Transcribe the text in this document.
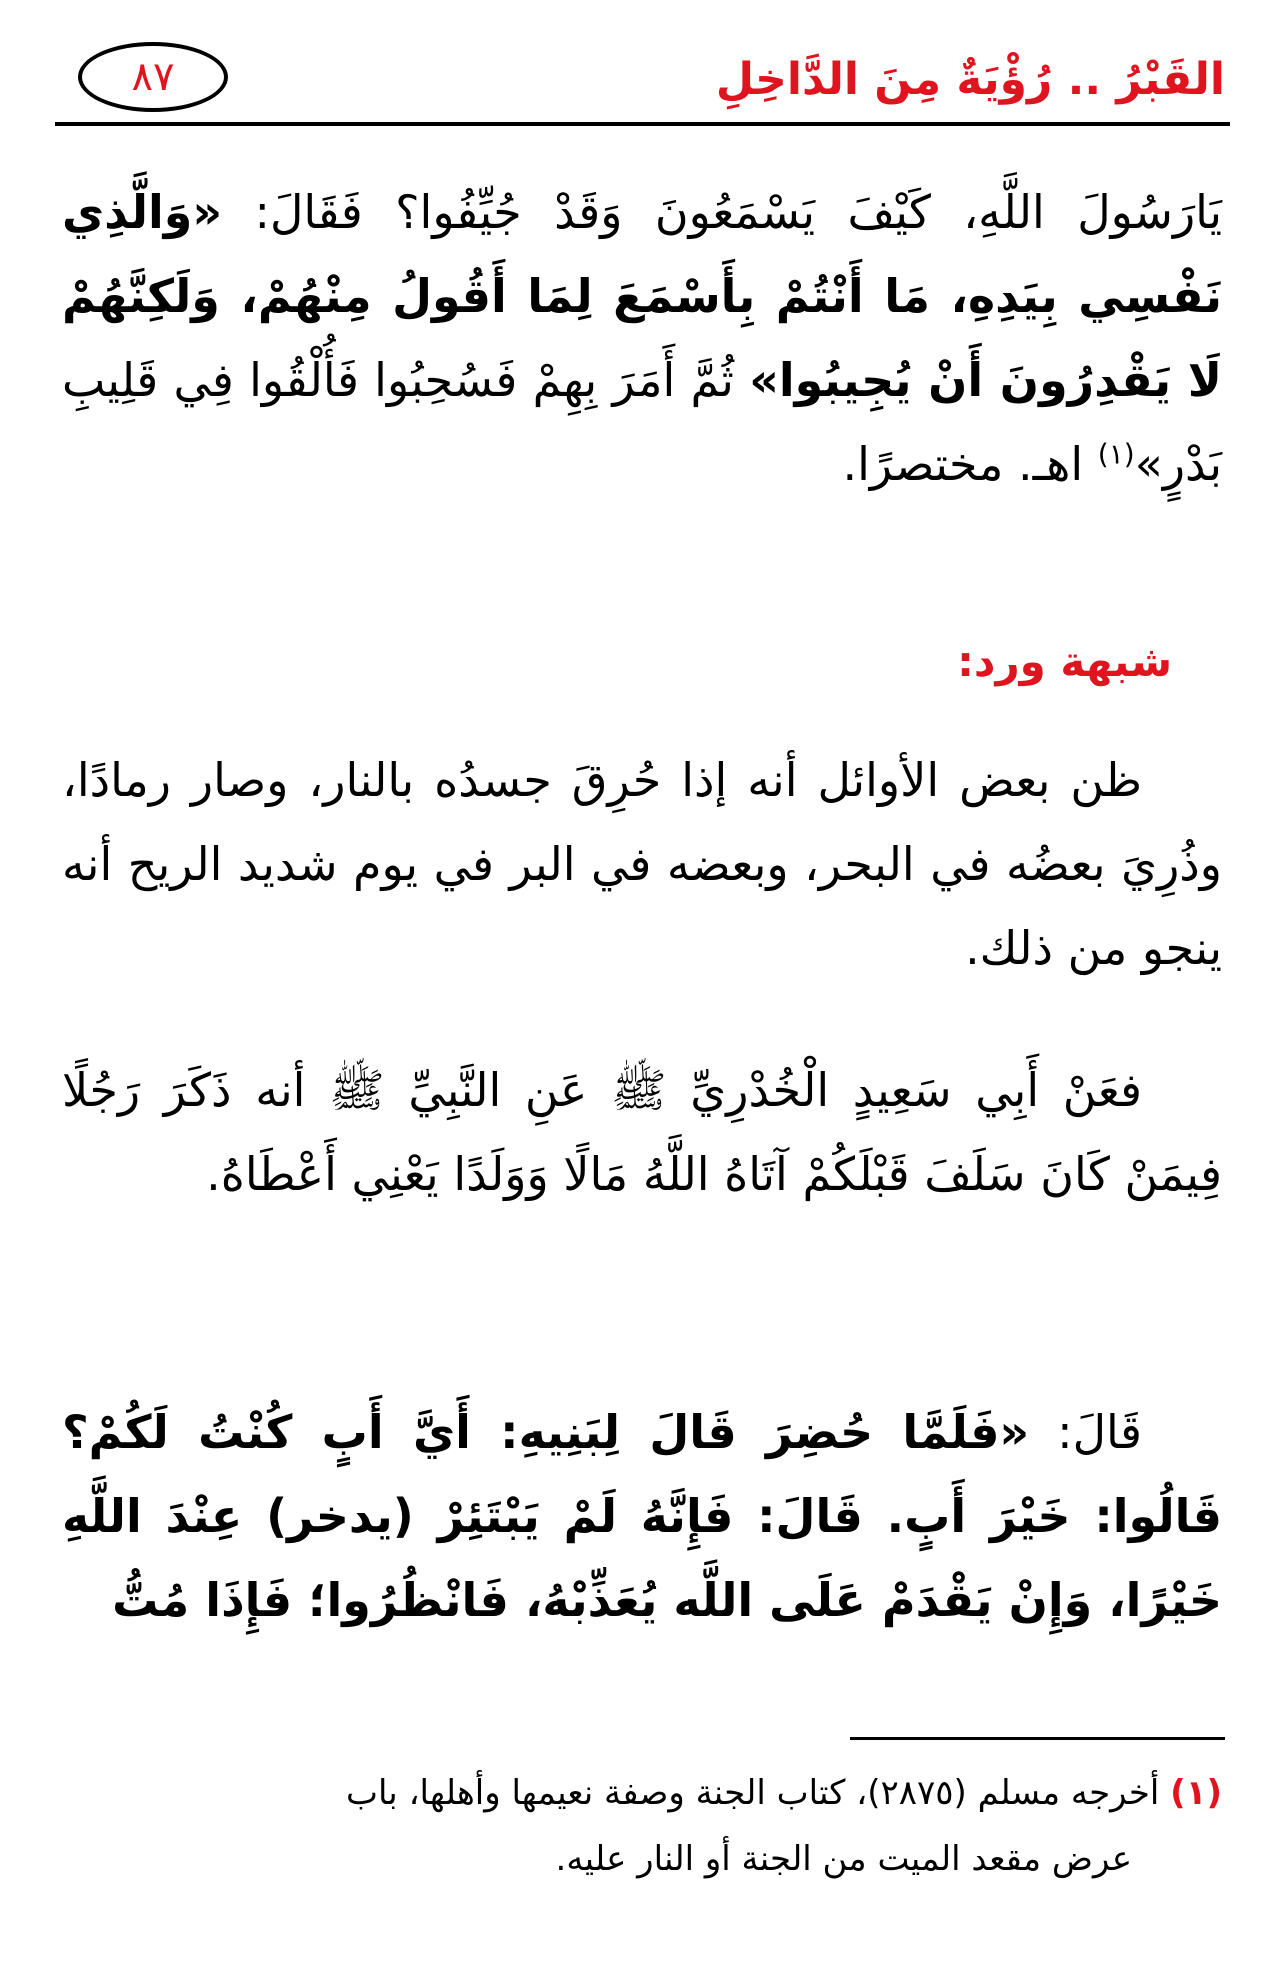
القَبْرُ .. رُؤْيَةٌ مِنَ الدَّاخِلِ
٨٧

يَارَسُولَ اللَّهِ، كَيْفَ يَسْمَعُونَ وَقَدْ جُيِّفُوا؟ فَقَالَ: «وَالَّذِي نَفْسِي بِيَدِهِ، مَا أَنْتُمْ بِأَسْمَعَ لِمَا أَقُولُ مِنْهُمْ، وَلَكِنَّهُمْ لَا يَقْدِرُونَ أَنْ يُجِيبُوا» ثُمَّ أَمَرَ بِهِمْ فَسُحِبُوا فَأُلْقُوا فِي قَلِيبِ بَدْرٍ»$^{(١)}$ اهـ. مختصرًا.

شبهة ورد:

ظن بعض الأوائل أنه إذا حُرِقَ جسدُه بالنار، وصار رمادًا، وذُرِيَ بعضُه في البحر، وبعضه في البر في يوم شديد الريح أنه ينجو من ذلك.

فعَنْ أَبِي سَعِيدٍ الْخُدْرِيِّ ﷺ عَنِ النَّبِيِّ ﷺ أنه ذَكَرَ رَجُلًا فِيمَنْ كَانَ سَلَفَ قَبْلَكُمْ آتَاهُ اللَّهُ مَالًا وَوَلَدًا يَعْنِي أَعْطَاهُ.

قَالَ: «فَلَمَّا حُضِرَ قَالَ لِبَنِيهِ: أَيَّ أَبٍ كُنْتُ لَكُمْ؟ قَالُوا: خَيْرَ أَبٍ. قَالَ: فَإِنَّهُ لَمْ يَبْتَئِرْ (يدخر) عِنْدَ اللَّهِ خَيْرًا، وَإِنْ يَقْدَمْ عَلَى اللَّه يُعَذِّبْهُ، فَانْظُرُوا؛ فَإِذَا مُتُّ

(١) أخرجه مسلم (٢٨٧٥)، كتاب الجنة وصفة نعيمها وأهلها، باب
عرض مقعد الميت من الجنة أو النار عليه.
